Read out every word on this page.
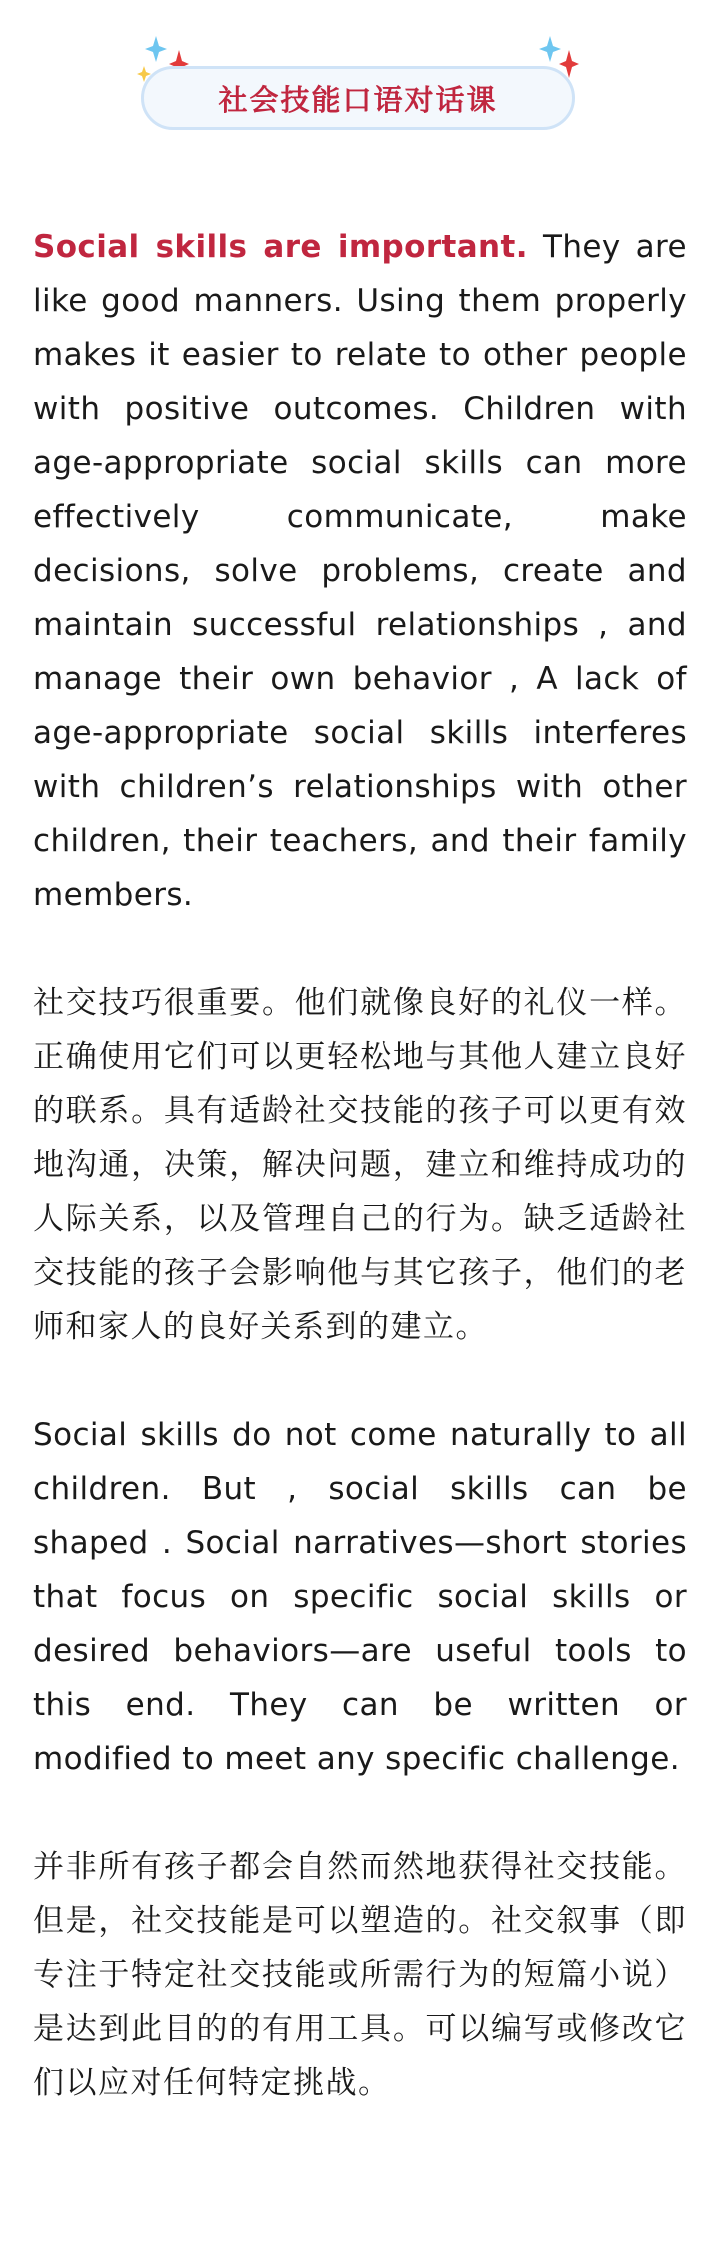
社会技能口语对话课

Social skills are important. They are like good manners. Using them properly makes it easier to relate to other people with positive outcomes. Children with age-appropriate social skills can more effectively communicate, make decisions, solve problems, create and maintain successful relationships , and manage their own behavior , A lack of age-appropriate social skills interferes with children’s relationships with other children, their teachers, and their family members.

社交技巧很重要。他们就像良好的礼仪一样。正确使用它们可以更轻松地与其他人建立良好的联系。具有适龄社交技能的孩子可以更有效地沟通，决策，解决问题，建立和维持成功的人际关系，以及管理自己的行为。缺乏适龄社交技能的孩子会影响他与其它孩子，他们的老师和家人的良好关系到的建立。

Social skills do not come naturally to all children. But , social skills can be shaped . Social narratives—short stories that focus on specific social skills or desired behaviors—are useful tools to this end. They can be written or modified to meet any specific challenge.

并非所有孩子都会自然而然地获得社交技能。但是，社交技能是可以塑造的。社交叙事（即专注于特定社交技能或所需行为的短篇小说）是达到此目的的有用工具。可以编写或修改它们以应对任何特定挑战。
